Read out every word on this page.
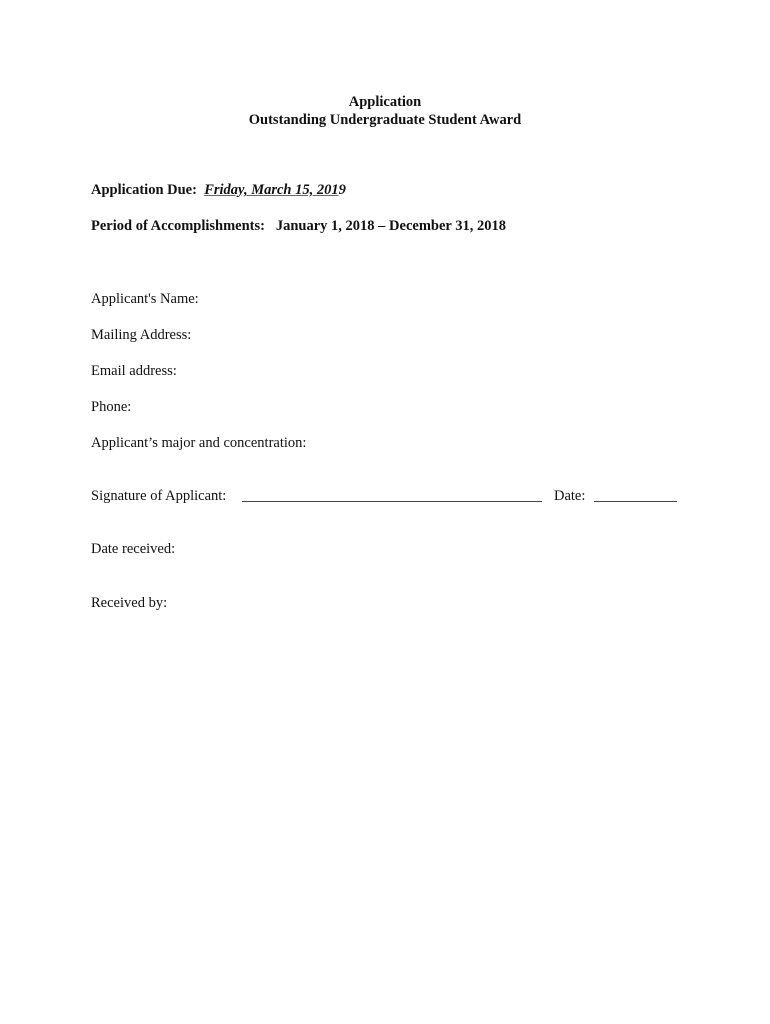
Application
Outstanding Undergraduate Student Award
Application Due: Friday, March 15, 2019
Period of Accomplishments: January 1, 2018 – December 31, 2018
Applicant's Name:
Mailing Address:
Email address:
Phone:
Applicant’s major and concentration:
Signature of Applicant:	Date:
Date received:
Received by:
